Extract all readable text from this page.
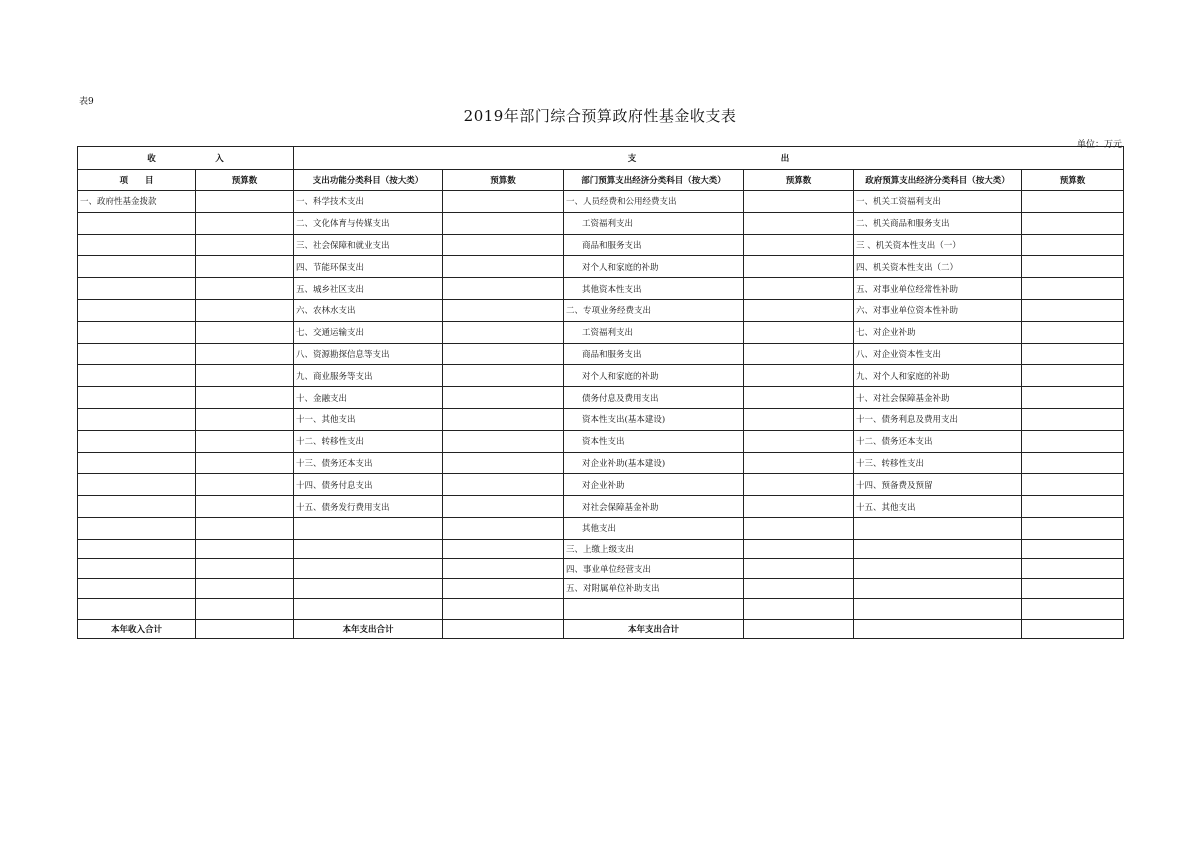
表9
2019年部门综合预算政府性基金收支表
单位：万元
收　　　　　　　入		支　　　　　　　　　　　　　　　　　出					
项　　目	预算数	支出功能分类科目（按大类）	预算数	部门预算支出经济分类科目（按大类）	预算数	政府预算支出经济分类科目（按大类）	预算数
一、政府性基金拨款		一、科学技术支出		一、人员经费和公用经费支出		一、机关工资福利支出	
		二、文化体育与传媒支出		工资福利支出		二、机关商品和服务支出	
		三、社会保障和就业支出		商品和服务支出		三 、机关资本性支出（一）	
		四、节能环保支出		对个人和家庭的补助		四、机关资本性支出（二）	
		五、城乡社区支出		其他资本性支出		五、对事业单位经常性补助	
		六、农林水支出		二、专项业务经费支出		六、对事业单位资本性补助	
		七、交通运输支出		工资福利支出		七、对企业补助	
		八、资源勘探信息等支出		商品和服务支出		八、对企业资本性支出	
		九、商业服务等支出		对个人和家庭的补助		九、对个人和家庭的补助	
		十、金融支出		债务付息及费用支出		十、对社会保障基金补助	
		十一、其他支出		资本性支出(基本建设)		十一、债务利息及费用支出	
		十二、转移性支出		资本性支出		十二、债务还本支出	
		十三、债务还本支出		对企业补助(基本建设)		十三、转移性支出	
		十四、债务付息支出		对企业补助		十四、预备费及预留	
		十五、债务发行费用支出		对社会保障基金补助		十五、其他支出	
				其他支出			
				三、上缴上级支出			
				四、事业单位经营支出			
				五、对附属单位补助支出			

本年收入合计		本年支出合计		本年支出合计			
